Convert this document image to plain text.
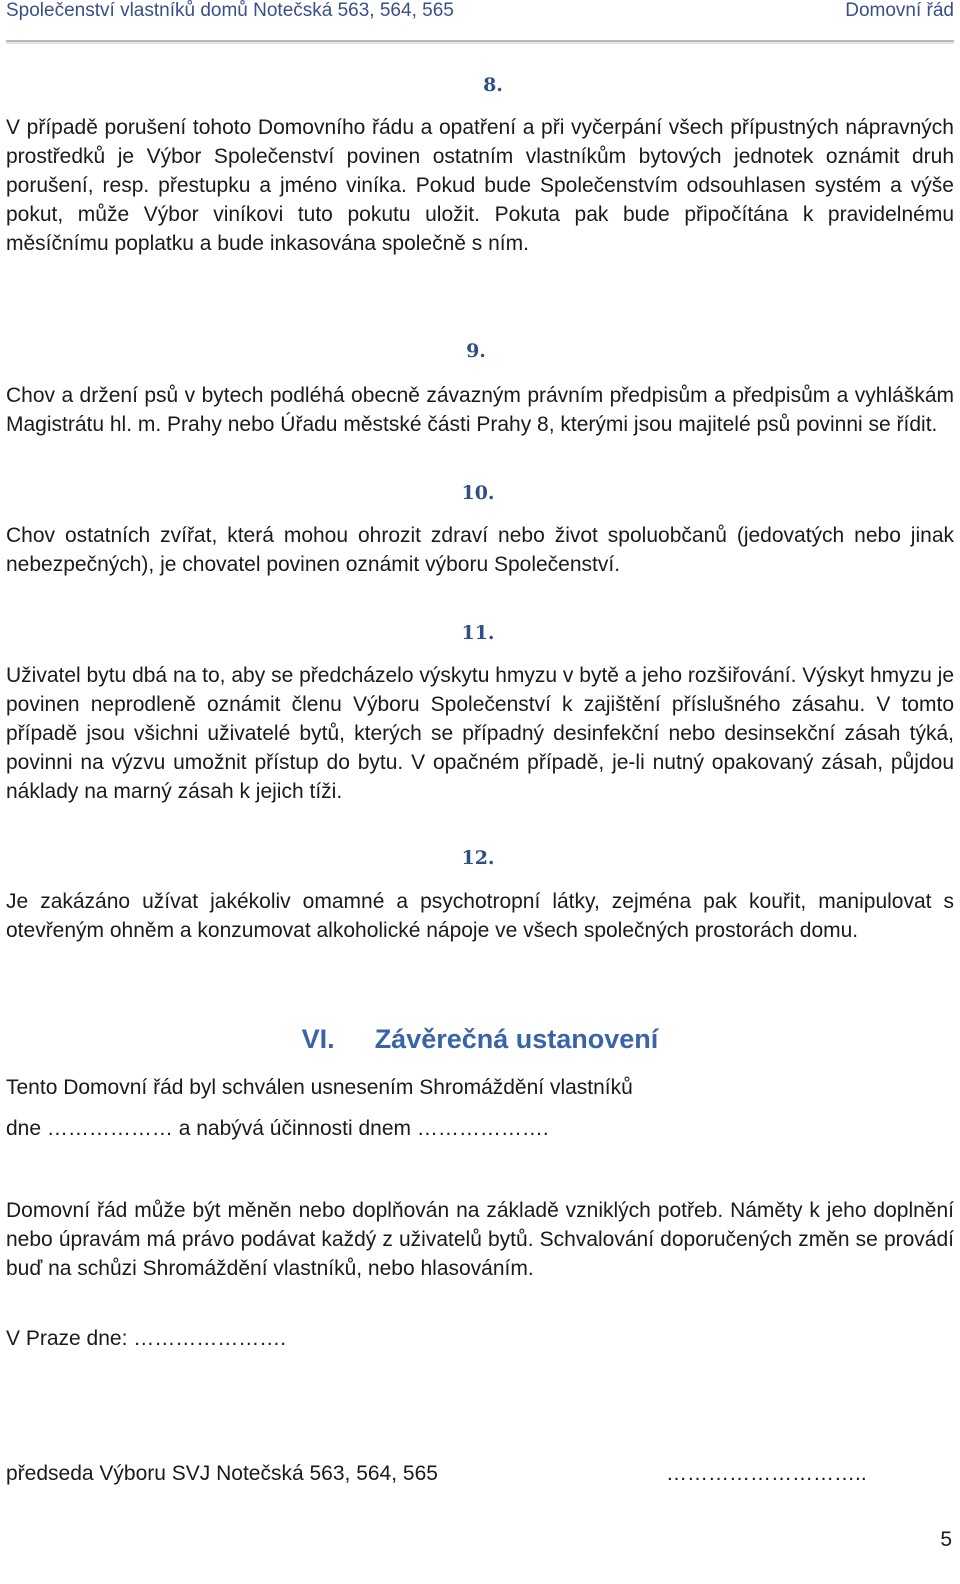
Společenství vlastníků domů Notečská 563, 564, 565	Domovní řád
8.
V případě porušení tohoto Domovního řádu a opatření a při vyčerpání všech přípustných nápravných prostředků je Výbor Společenství povinen ostatním vlastníkům bytových jednotek oznámit druh porušení, resp. přestupku a jméno viníka. Pokud bude Společenstvím odsouhlasen systém a výše pokut, může Výbor viníkovi tuto pokutu uložit. Pokuta pak bude připočítána k pravidelnému měsíčnímu poplatku a bude inkasována společně s ním.
9.
Chov a držení psů v bytech podléhá obecně závazným právním předpisům a předpisům a vyhláškám Magistrátu hl. m. Prahy nebo Úřadu městské části Prahy 8, kterými jsou majitelé psů povinni se řídit.
10.
Chov ostatních zvířat, která mohou ohrozit zdraví nebo život spoluobčanů (jedovatých nebo jinak nebezpečných), je chovatel povinen oznámit výboru Společenství.
11.
Uživatel bytu dbá na to, aby se předcházelo výskytu hmyzu v bytě a jeho rozšiřování. Výskyt hmyzu je povinen neprodleně oznámit členu Výboru Společenství k zajištění příslušného zásahu. V tomto případě jsou všichni uživatelé bytů, kterých se případný desinfekční nebo desinsekční zásah týká, povinni na výzvu umožnit přístup do bytu. V opačném případě, je-li nutný opakovaný zásah, půjdou náklady na marný zásah k jejich tíži.
12.
Je zakázáno užívat jakékoliv omamné a psychotropní látky, zejména pak kouřit, manipulovat s otevřeným ohněm a konzumovat alkoholické nápoje ve všech společných prostorách domu.
VI. Závěrečná ustanovení
Tento Domovní řád byl schválen usnesením Shromáždění vlastníků
dne ……………… a nabývá účinnosti dnem ……………….
Domovní řád může být měněn nebo doplňován na základě vzniklých potřeb. Náměty k jeho doplnění nebo úpravám má právo podávat každý z uživatelů bytů. Schvalování doporučených změn se provádí buď na schůzi Shromáždění vlastníků, nebo hlasováním.
V Praze dne: ………………….
předseda Výboru SVJ Notečská 563, 564, 565	………………………..
5
